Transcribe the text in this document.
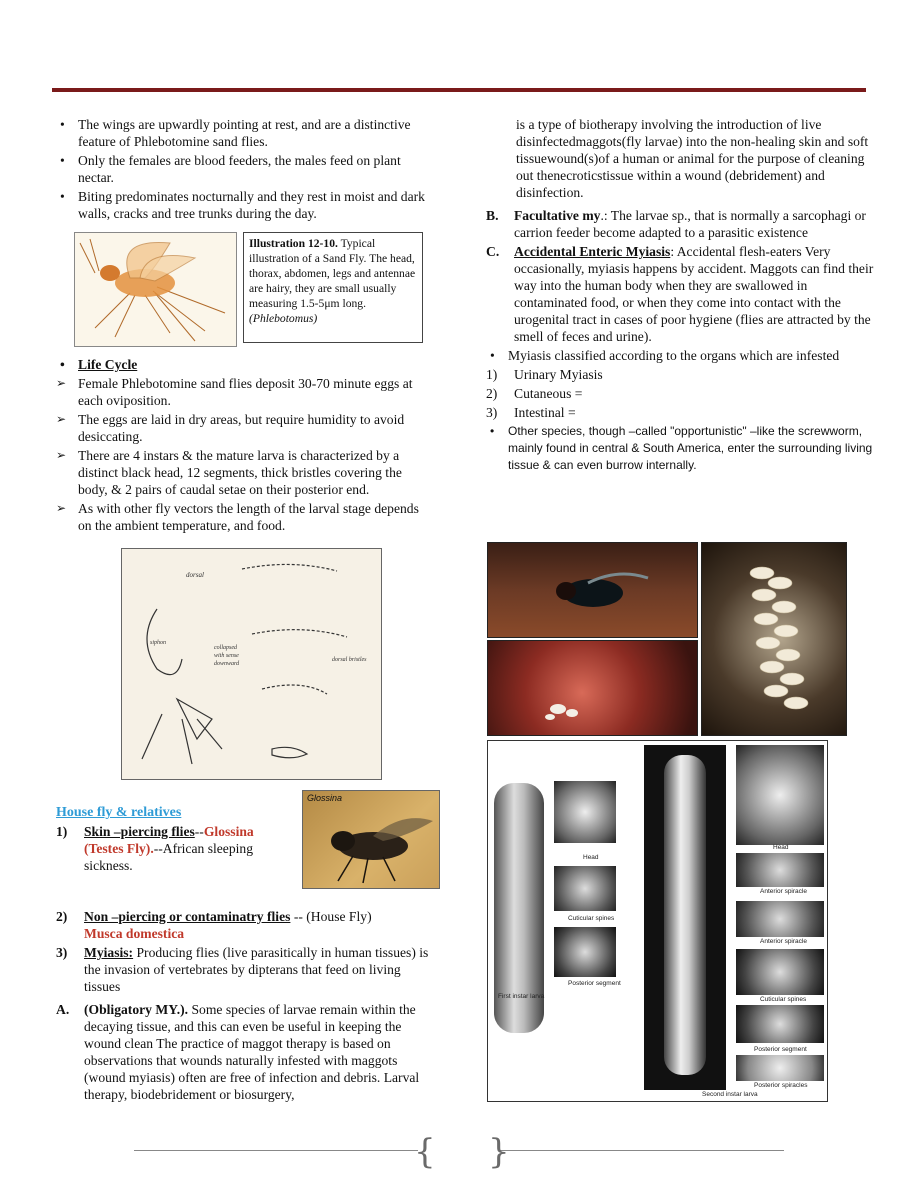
• The wings are upwardly pointing at rest, and are a distinctive feature of Phlebotomine sand flies.
• Only the females are blood feeders, the males feed on plant nectar.
• Biting predominates nocturnally and they rest in moist and dark walls, cracks and tree trunks during the day.
Illustration 12-10. Typical illustration of a Sand Fly. The head, thorax, abdomen, legs and antennae
are hairy, they are small usually measuring 1.5-5μm long.
(Phlebotomus)
• Life Cycle
➢ Female Phlebotomine sand flies deposit 30-70 minute eggs at each oviposition.
➢ The eggs are laid in dry areas, but require humidity to avoid desiccating.
➢ There are 4 instars & the mature larva is characterized by a distinct black head, 12 segments, thick bristles covering the body, & 2 pairs of caudal setae on their posterior end.
➢ As with other fly vectors the length of the larval stage depends on the ambient temperature, and food.
dorsal
collapsed
with sense
downward
siphon
dorsal bristles
Glossina
House fly & relatives
1) Skin –piercing flies--Glossina (Testes Fly).--African sleeping sickness.
2) Non –piercing or contaminatry flies -- (House Fly)
Musca domestica
3) Myiasis: Producing flies (live parasitically in human tissues) is the invasion of vertebrates by dipterans that feed on living tissues
A. (Obligatory MY.). Some species of larvae remain within the decaying tissue, and this can even be useful in keeping the wound clean The practice of maggot therapy is based on observations that wounds naturally infested with maggots (wound myiasis) often are free of infection and debris. Larval therapy, biodebridement or biosurgery,
is a type of biotherapy involving the introduction of live disinfectedmaggots(fly larvae) into the non-healing skin and soft tissuewound(s)of a human or animal for the purpose of cleaning out thenecroticstissue within a wound (debridement) and disinfection.
B. Facultative my.: The larvae sp., that is normally a sarcophagi or carrion feeder become adapted to a parasitic existence
C. Accidental Enteric Myiasis: Accidental flesh-eaters Very occasionally, myiasis happens by accident. Maggots can find their way into the human body when they are swallowed in contaminated food, or when they come into contact with the urogenital tract in cases of poor hygiene (flies are attracted by the smell of feces and urine).
• Myiasis classified according to the organs which are infested
1) Urinary Myiasis
2) Cutaneous =
3) Intestinal =
• Other species, though –called "opportunistic" –like the screwworm, mainly found in central & South America, enter the surrounding living tissue & can even burrow internally.
Head
Cuticular spines
Posterior segment
First instar larva
Head
Anterior spiracle
Anterior spiracle
Cuticular spines
Posterior segment
Posterior spiracles
Second instar larva
{ }
